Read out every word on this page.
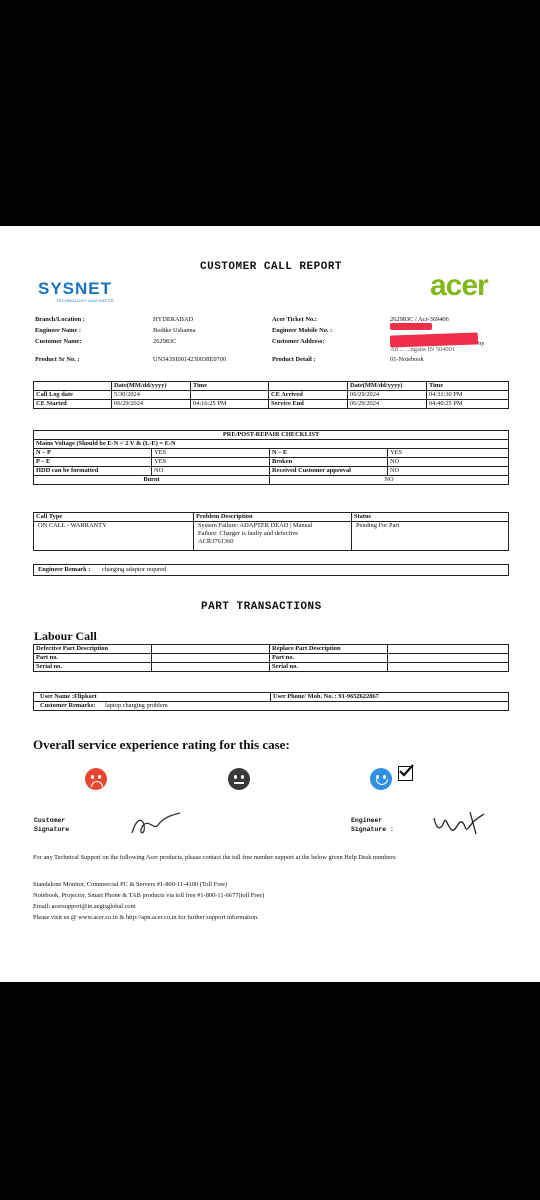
CUSTOMER CALL REPORT
SYSNET
TECHNOLOGY NAVIGATOR	acer
Branch/Location :	HYDERABAD
Engineer Name :	Bodike Ushanna
Customer Name:	262983C
Product Sr No. :	UN343SI0014230038E0700
Acer Ticket No.:	262983C / Acr-369406
Engineer Mobile No. :
Customer Address:	ny
Ad ... ...ngana IN 504001
Product Detail :	01-Notebook
	Date(MM/dd/yyyy)	Time		Date(MM/dd/yyyy)	Time
Call Log date	5/30/2024		CE Arrived	06/29/2024	04:31:30 PM
CE Started	06/29/2024	04:16:25 PM	Service End	06/29/2024	04:40:25 PM
PRE/POST-REPAIR CHECKLIST			
Mains Voltage (Should be E-N < 2 V & (L-E) = E-N			
N – P	YES	N – E	YES
P – E	YES	Broken	NO
HDD can be formatted	NO	Received Customer approval	NO
Burnt		NO	
Call Type	Problem Description	Status
ON CALL - WARRANTY	System Failure: ADAPTER DEAD | Manual
Failure: Charger is faulty and defective
ACR3761360	Pending For Part
Engineer Remark : charging adaptor requred
PART TRANSACTIONS
Labour Call
Defective Part Description		Replace Part Description	
Part no.		Part no.	
Serial no.		Serial no.	
User Name :Flipkart	User Phone/ Mob. No. : 91-9652622867
Customer Remarks: laptop charging problem
Overall service experience rating for this case:
Customer
Signature
Engineer
Signature :
For any Technical Support on the following Acer products, please contact the toll free number support at the below given Help Desk numbers:
Standalone Monitor, Commercial PC & Servers #1-800-11-4100 (Toll Free)
Notebook, Projector, Smart Phone & TAB products via toll free #1-800-11-6677(toll Free)
Email: acersupport@in.aegisglobal.com
Please visit us @ www.acer.co.in & http://apn.acer.co.in for further support information.
